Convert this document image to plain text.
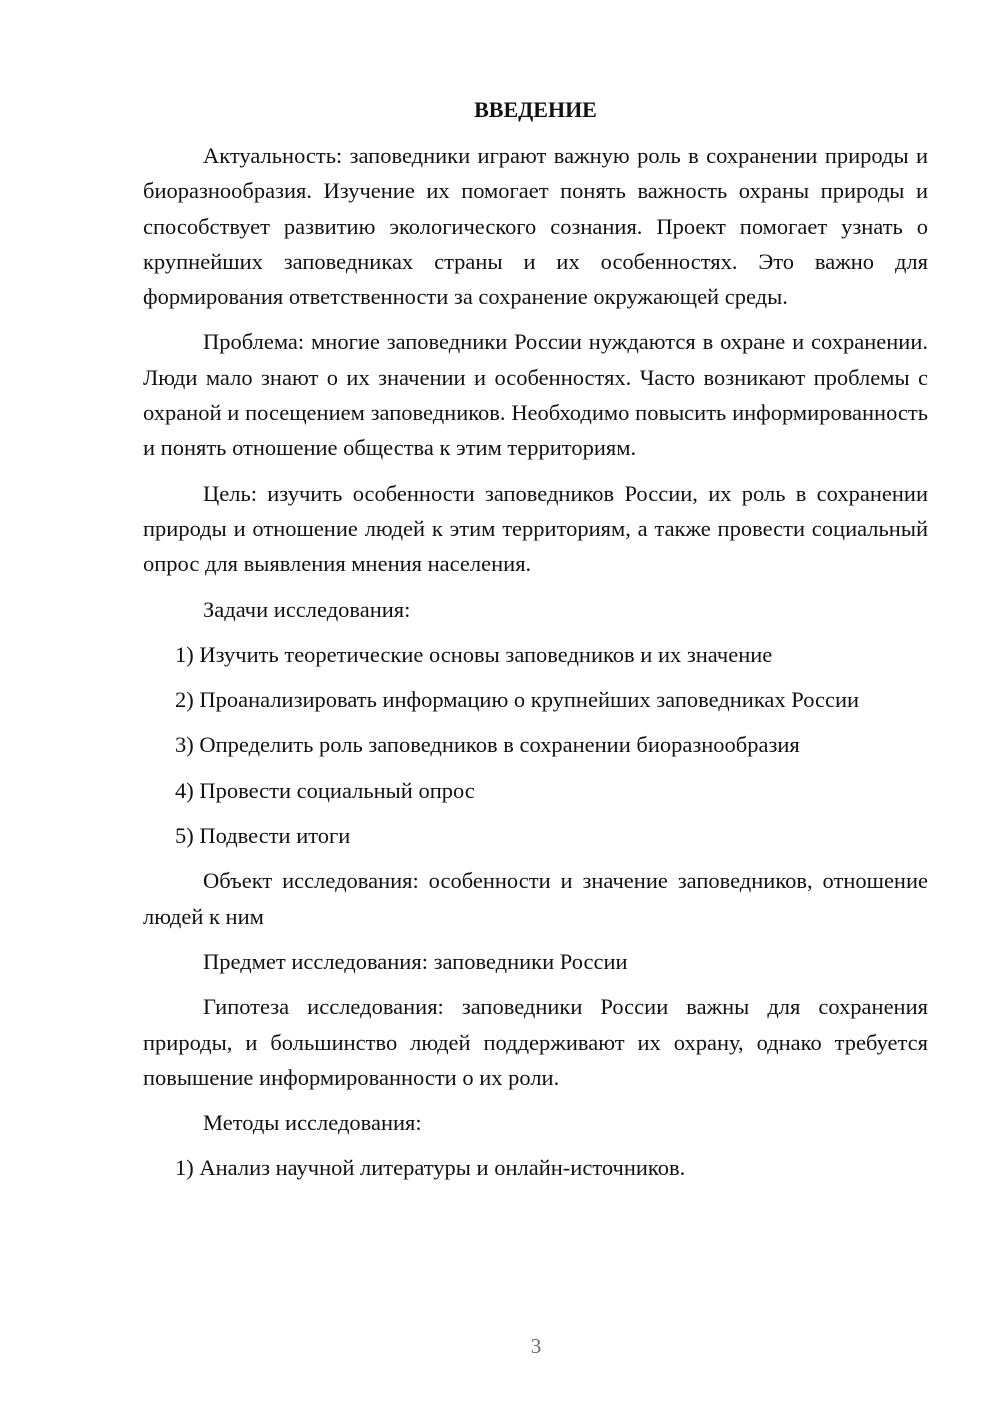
ВВЕДЕНИЕ

Актуальность: заповедники играют важную роль в сохранении природы и биоразнообразия. Изучение их помогает понять важность охраны природы и способствует развитию экологического сознания. Проект помогает узнать о крупнейших заповедниках страны и их особенностях. Это важно для формирования ответственности за сохранение окружающей среды.

Проблема: многие заповедники России нуждаются в охране и сохранении. Люди мало знают о их значении и особенностях. Часто возникают проблемы с охраной и посещением заповедников. Необходимо повысить информированность и понять отношение общества к этим территориям.

Цель: изучить особенности заповедников России, их роль в сохранении природы и отношение людей к этим территориям, а также провести социальный опрос для выявления мнения населения.

Задачи исследования:

1) Изучить теоретические основы заповедников и их значение

2) Проанализировать информацию о крупнейших заповедниках России

3) Определить роль заповедников в сохранении биоразнообразия

4) Провести социальный опрос

5) Подвести итоги

Объект исследования: особенности и значение заповедников, отношение людей к ним

Предмет исследования: заповедники России

Гипотеза исследования: заповедники России важны для сохранения природы, и большинство людей поддерживают их охрану, однако требуется повышение информированности о их роли.

Методы исследования:

1) Анализ научной литературы и онлайн-источников.

3
